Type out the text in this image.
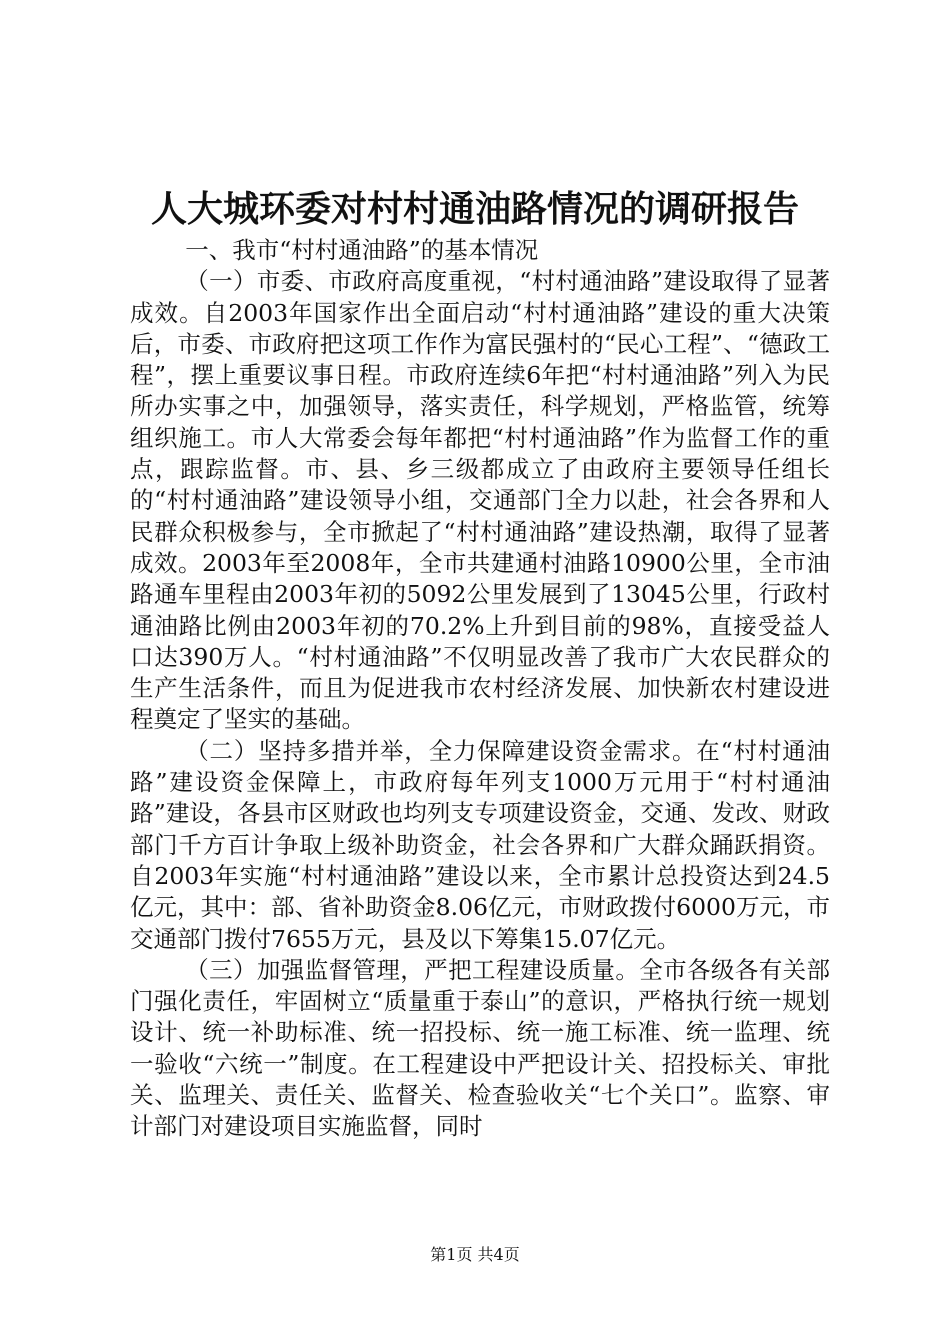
人大城环委对村村通油路情况的调研报告

一、我市“村村通油路”的基本情况

（一）市委、市政府高度重视，“村村通油路”建设取得了显著成效。自2003年国家作出全面启动“村村通油路”建设的重大决策后，市委、市政府把这项工作作为富民强村的“民心工程”、“德政工程”，摆上重要议事日程。市政府连续6年把“村村通油路”列入为民所办实事之中，加强领导，落实责任，科学规划，严格监管，统筹组织施工。市人大常委会每年都把“村村通油路”作为监督工作的重点，跟踪监督。市、县、乡三级都成立了由政府主要领导任组长的“村村通油路”建设领导小组，交通部门全力以赴，社会各界和人民群众积极参与，全市掀起了“村村通油路”建设热潮，取得了显著成效。2003年至2008年，全市共建通村油路10900公里，全市油路通车里程由2003年初的5092公里发展到了13045公里，行政村通油路比例由2003年初的70.2%上升到目前的98%，直接受益人口达390万人。“村村通油路”不仅明显改善了我市广大农民群众的生产生活条件，而且为促进我市农村经济发展、加快新农村建设进程奠定了坚实的基础。

（二）坚持多措并举，全力保障建设资金需求。在“村村通油路”建设资金保障上，市政府每年列支1000万元用于“村村通油路”建设，各县市区财政也均列支专项建设资金，交通、发改、财政部门千方百计争取上级补助资金，社会各界和广大群众踊跃捐资。自2003年实施“村村通油路”建设以来，全市累计总投资达到24.5亿元，其中：部、省补助资金8.06亿元，市财政拨付6000万元，市交通部门拨付7655万元，县及以下筹集15.07亿元。

（三）加强监督管理，严把工程建设质量。全市各级各有关部门强化责任，牢固树立“质量重于泰山”的意识，严格执行统一规划设计、统一补助标准、统一招投标、统一施工标准、统一监理、统一验收“六统一”制度。在工程建设中严把设计关、招投标关、审批关、监理关、责任关、监督关、检查验收关“七个关口”。监察、审计部门对建设项目实施监督，同时

第1页 共4页
